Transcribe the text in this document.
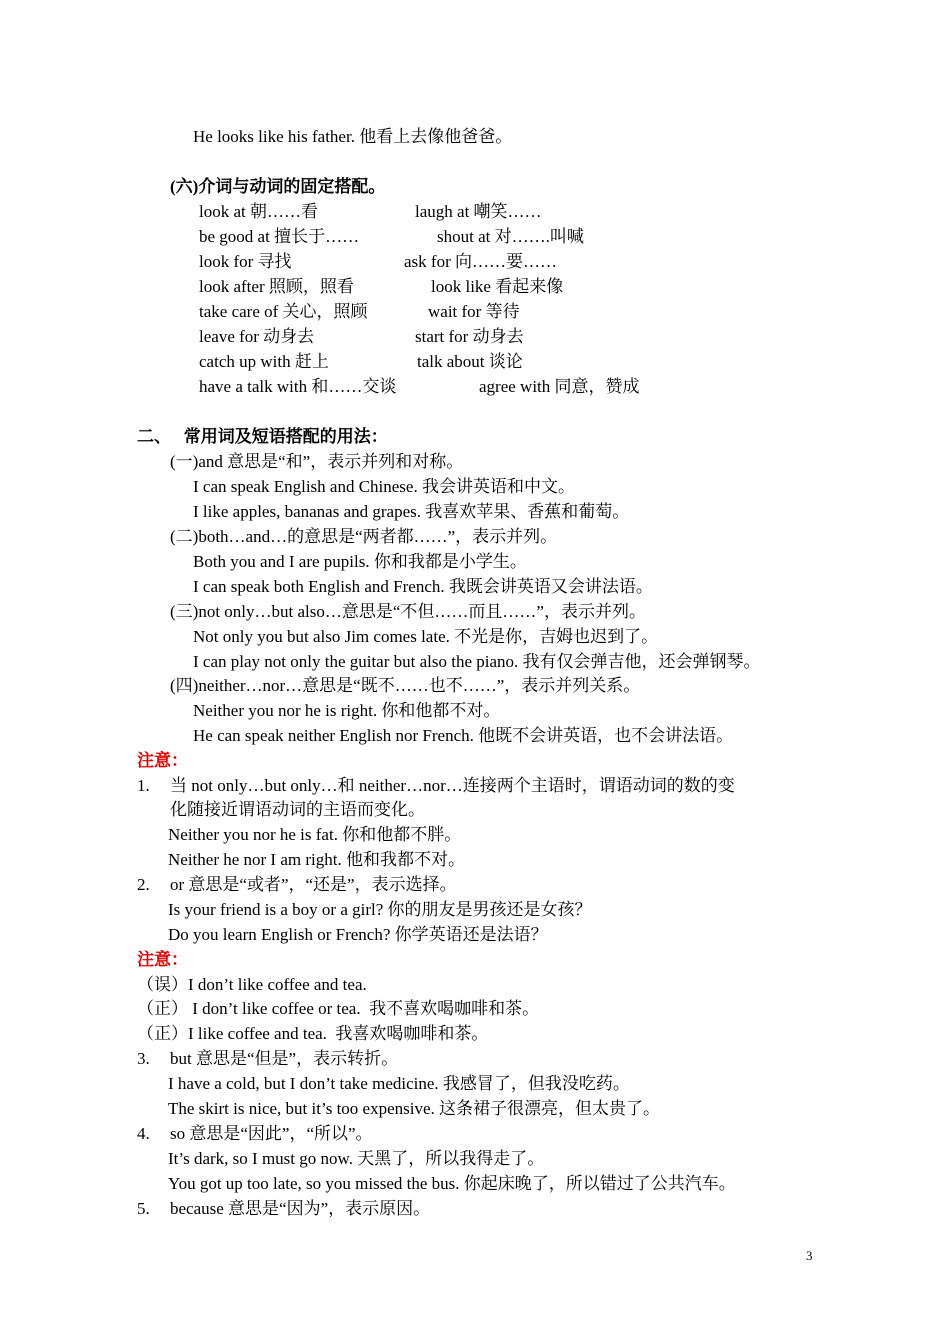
He looks like his father. 他看上去像他爸爸。
(六)介词与动词的固定搭配。
look at 朝……看	laugh at 嘲笑……
be good at 擅长于……	shout at 对…….叫喊
look for 寻找	ask for 向……要……
look after 照顾，照看	look like 看起来像
take care of 关心，照顾	wait for 等待
leave for 动身去	start for 动身去
catch up with 赶上	talk about 谈论
have a talk with 和……交谈	agree with 同意，赞成
二、   常用词及短语搭配的用法：
(一)and 意思是“和”，表示并列和对称。
I can speak English and Chinese. 我会讲英语和中文。
I like apples, bananas and grapes. 我喜欢苹果、香蕉和葡萄。
(二)both…and…的意思是“两者都……”，表示并列。
Both you and I are pupils. 你和我都是小学生。
I can speak both English and French. 我既会讲英语又会讲法语。
(三)not only…but also…意思是“不但……而且……”，表示并列。
Not only you but also Jim comes late. 不光是你，吉姆也迟到了。
I can play not only the guitar but also the piano. 我有仅会弹吉他，还会弹钢琴。
(四)neither…nor…意思是“既不……也不……”，表示并列关系。
Neither you nor he is right. 你和他都不对。
He can speak neither English nor French. 他既不会讲英语，也不会讲法语。
注意：
1. 当 not only…but only…和 neither…nor…连接两个主语时，谓语动词的数的变
化随接近谓语动词的主语而变化。
Neither you nor he is fat. 你和他都不胖。
Neither he nor I am right. 他和我都不对。
2. or 意思是“或者”，“还是”，表示选择。
Is your friend is a boy or a girl? 你的朋友是男孩还是女孩？
Do you learn English or French? 你学英语还是法语？
注意：
（误）I don’t like coffee and tea.
（正） I don’t like coffee or tea.  我不喜欢喝咖啡和茶。
（正）I like coffee and tea.  我喜欢喝咖啡和茶。
3. but 意思是“但是”，表示转折。
I have a cold, but I don’t take medicine. 我感冒了，但我没吃药。
The skirt is nice, but it’s too expensive. 这条裙子很漂亮，但太贵了。
4. so 意思是“因此”，“所以”。
It’s dark, so I must go now. 天黑了，所以我得走了。
You got up too late, so you missed the bus. 你起床晚了，所以错过了公共汽车。
5. because 意思是“因为”，表示原因。
3
